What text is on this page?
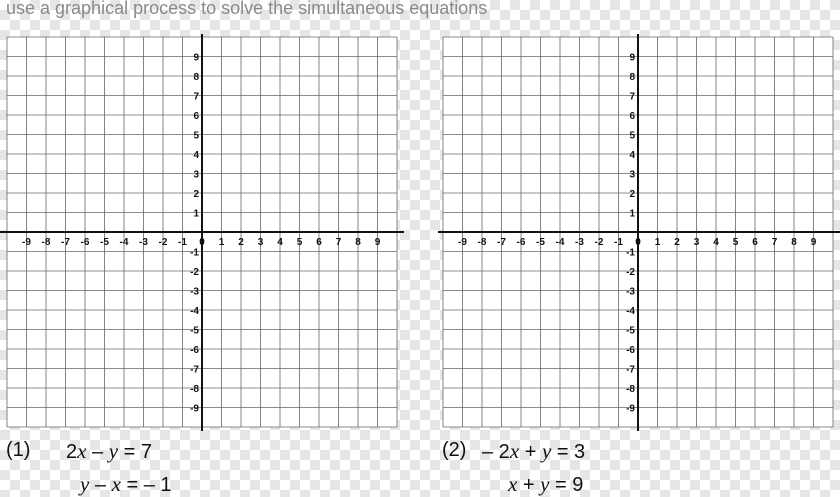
use a graphical process to solve the simultaneous equations
-9 -8 -7 -6 -5 -4 -3 -2 -1 0 1 2 3 4 5 6 7 8 9
9
8
7
6
5
4
3
2
1
-1
-2
-3
-4
-5
-6
-7
-8
-9
-9 -8 -7 -6 -5 -4 -3 -2 -1 0 1 2 3 4 5 6 7 8 9
9
8
7
6
5
4
3
2
1
-1
-2
-3
-4
-5
-6
-7
-8
-9
(1) 2x – y = 7
y – x = – 1
(2) – 2x + y = 3
x + y = 9
